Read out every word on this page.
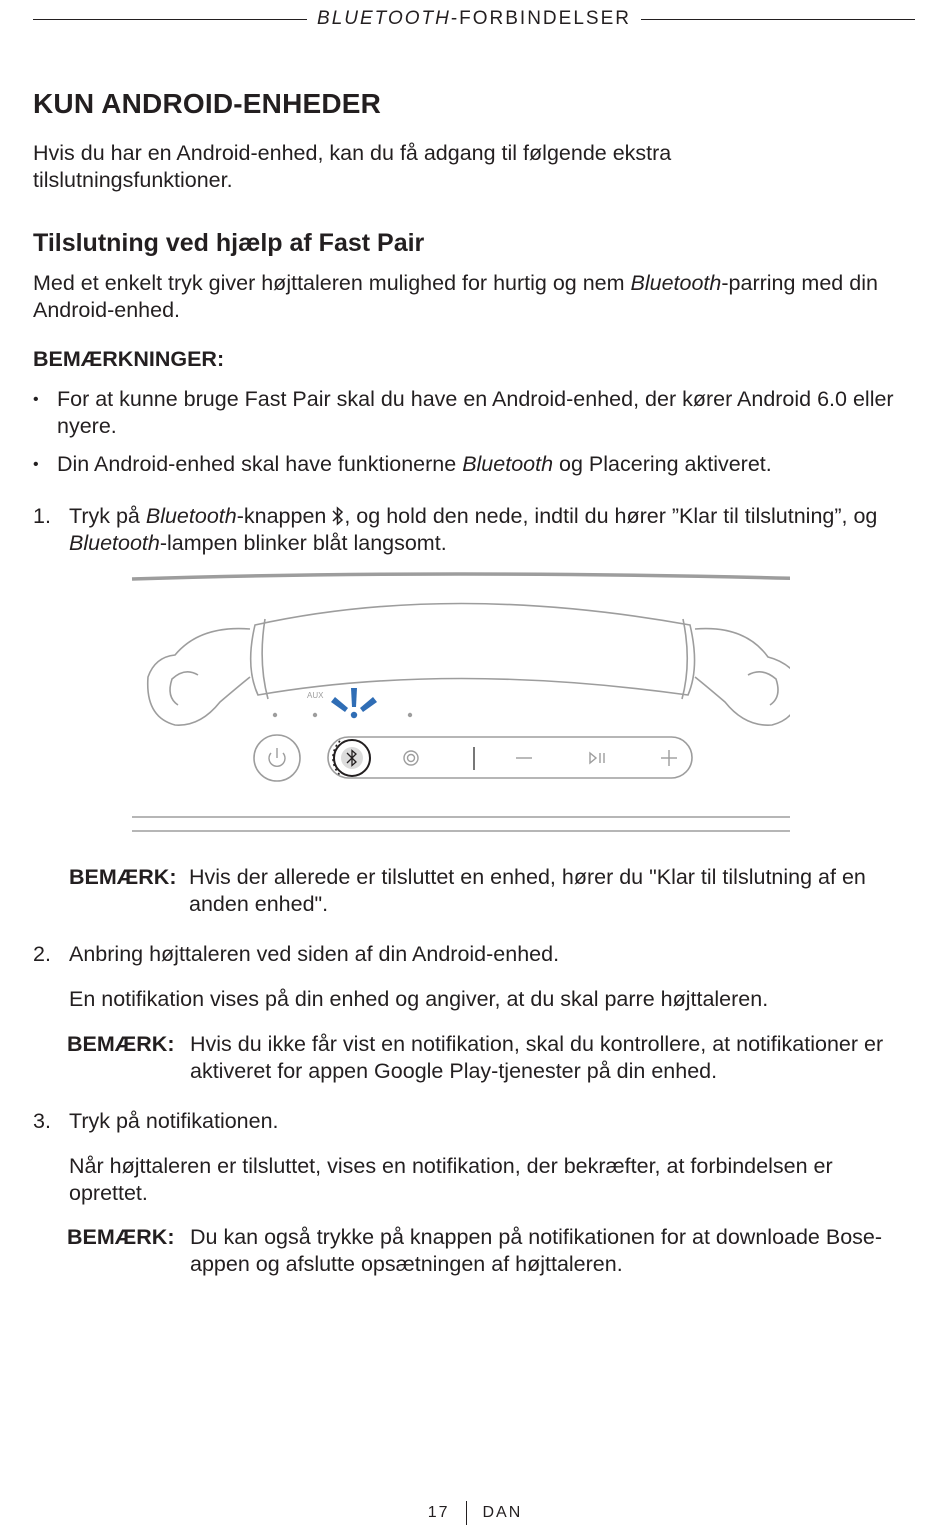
BLUETOOTH-FORBINDELSER
KUN ANDROID-ENHEDER

Hvis du har en Android-enhed, kan du få adgang til følgende ekstra tilslutningsfunktioner.

Tilslutning ved hjælp af Fast Pair

Med et enkelt tryk giver højttaleren mulighed for hurtig og nem Bluetooth-parring med din Android-enhed.

BEMÆRKNINGER:
• For at kunne bruge Fast Pair skal du have en Android-enhed, der kører Android 6.0 eller nyere.
• Din Android-enhed skal have funktionerne Bluetooth og Placering aktiveret.
1. Tryk på Bluetooth-knappen , og hold den nede, indtil du hører ”Klar til tilslutning”, og Bluetooth-lampen blinker blåt langsomt.
AUX
BEMÆRK: Hvis der allerede er tilsluttet en enhed, hører du "Klar til tilslutning af en anden enhed".
2. Anbring højttaleren ved siden af din Android-enhed.

En notifikation vises på din enhed og angiver, at du skal parre højttaleren.

BEMÆRK: Hvis du ikke får vist en notifikation, skal du kontrollere, at notifikationer er aktiveret for appen Google Play-tjenester på din enhed.
3. Tryk på notifikationen.

Når højttaleren er tilsluttet, vises en notifikation, der bekræfter, at forbindelsen er oprettet.

BEMÆRK: Du kan også trykke på knappen på notifikationen for at downloade Bose-appen og afslutte opsætningen af højttaleren.
17 DAN
